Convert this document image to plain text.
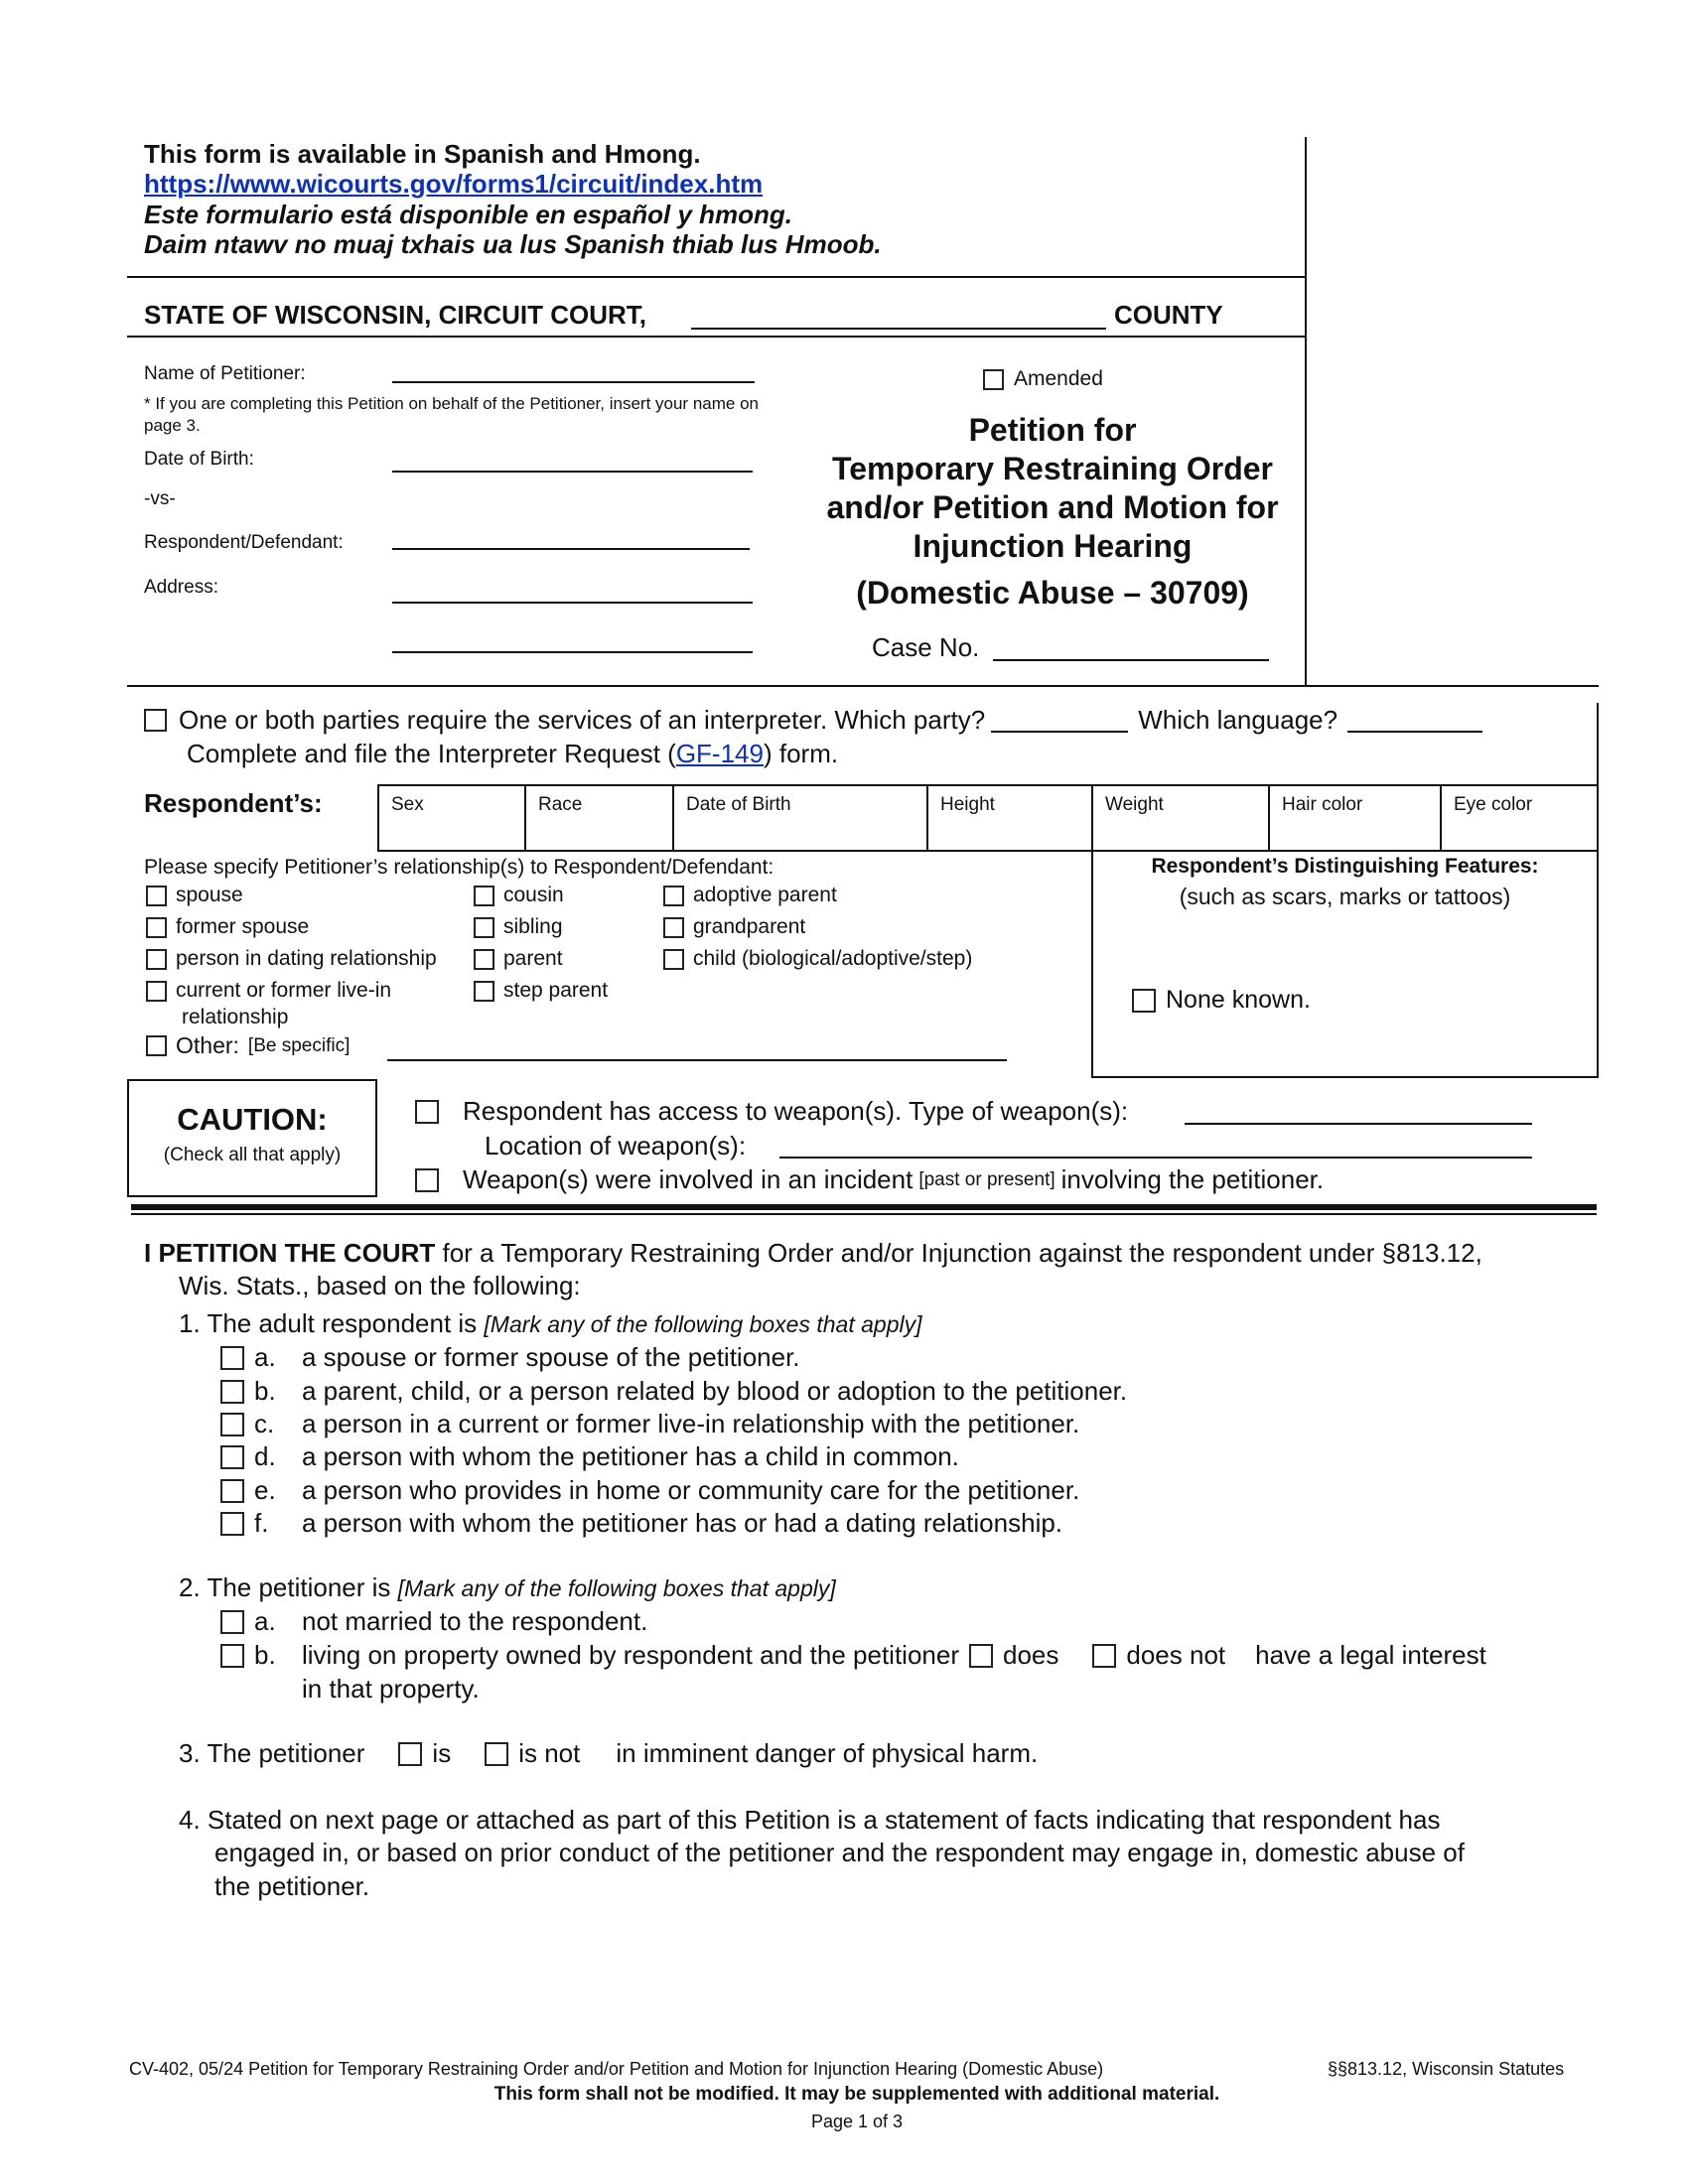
This form is available in Spanish and Hmong.
https://www.wicourts.gov/forms1/circuit/index.htm
Este formulario está disponible en español y hmong.
Daim ntawv no muaj txhais ua lus Spanish thiab lus Hmoob.
STATE OF WISCONSIN, CIRCUIT COURT,	COUNTY
Name of Petitioner:
* If you are completing this Petition on behalf of the Petitioner, insert your name on page 3.
Date of Birth:
-vs-
Respondent/Defendant:
Address:
Amended
Petition for
Temporary Restraining Order
and/or Petition and Motion for
Injunction Hearing
(Domestic Abuse – 30709)
Case No.
One or both parties require the services of an interpreter. Which party?	Which language?
Complete and file the Interpreter Request (GF-149) form.
Respondent’s:	Sex	Race	Date of Birth	Height	Weight	Hair color	Eye color
Please specify Petitioner’s relationship(s) to Respondent/Defendant:
spouse
former spouse
person in dating relationship
current or former live-in
relationship
cousin
sibling
parent
step parent
adoptive parent
grandparent
child (biological/adoptive/step)
Other: [Be specific]
Respondent’s Distinguishing Features:
(such as scars, marks or tattoos)
None known.
CAUTION:
(Check all that apply)
Respondent has access to weapon(s). Type of weapon(s):
Location of weapon(s):
Weapon(s) were involved in an incident [past or present] involving the petitioner.
I PETITION THE COURT for a Temporary Restraining Order and/or Injunction against the respondent under §813.12,
Wis. Stats., based on the following:
1. The adult respondent is [Mark any of the following boxes that apply]
a.	a spouse or former spouse of the petitioner.
b.	a parent, child, or a person related by blood or adoption to the petitioner.
c.	a person in a current or former live-in relationship with the petitioner.
d.	a person with whom the petitioner has a child in common.
e.	a person who provides in home or community care for the petitioner.
f.	a person with whom the petitioner has or had a dating relationship.
2. The petitioner is [Mark any of the following boxes that apply]
a.	not married to the respondent.
b.	living on property owned by respondent and the petitioner does	does not have a legal interest
in that property.
3. The petitioner	is	is not in imminent danger of physical harm.
4. Stated on next page or attached as part of this Petition is a statement of facts indicating that respondent has
engaged in, or based on prior conduct of the petitioner and the respondent may engage in, domestic abuse of
the petitioner.
CV-402, 05/24 Petition for Temporary Restraining Order and/or Petition and Motion for Injunction Hearing (Domestic Abuse)	§§813.12, Wisconsin Statutes
This form shall not be modified. It may be supplemented with additional material.
Page 1 of 3
